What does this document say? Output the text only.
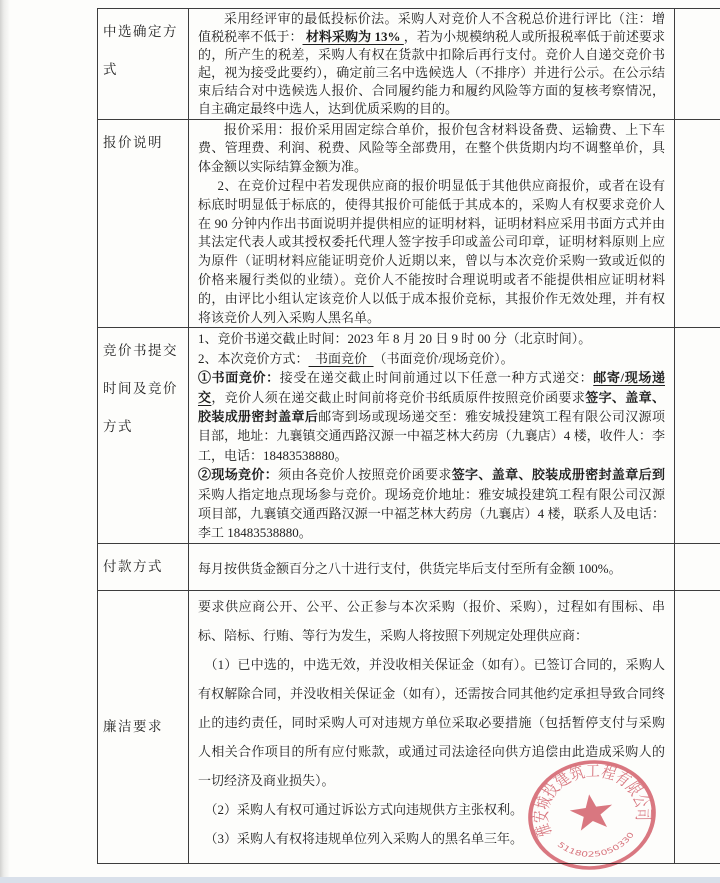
中选确定方式	采用经评审的最低投标价法。采购人对竞价人不含税总价进行评比（注：增值税税率不低于： 材料采购为 13% ，若为小规模纳税人或所报税率低于前述要求的，所产生的税差，采购人有权在货款中扣除后再行支付。竞价人自递交竞价书起，视为接受此要约），确定前三名中选候选人（不排序）并进行公示。在公示结束后结合对中选候选人报价、合同履约能力和履约风险等方面的复核考察情况，自主确定最终中选人，达到优质采购的目的。	

报价说明	报价采用：报价采用固定综合单价，报价包含材料设备费、运输费、上下车费、管理费、利润、税费、风险等全部费用，在整个供货期内均不调整单价，具体金额以实际结算金额为准。

2、在竞价过程中若发现供应商的报价明显低于其他供应商报价，或者在设有标底时明显低于标底的，使得其报价可能低于其成本的，采购人有权要求竞价人在 90 分钟内作出书面说明并提供相应的证明材料，证明材料应采用书面方式并由其法定代表人或其授权委托代理人签字按手印或盖公司印章，证明材料原则上应为原件（证明材料应能证明竞价人近期以来，曾以与本次竞价采购一致或近似的价格来履行类似的业绩）。竞价人不能按时合理说明或者不能提供相应证明材料的，由评比小组认定该竞价人以低于成本报价竞标，其报价作无效处理，并有权将该竞价人列入采购人黑名单。	

竞价书提交时间及竞价方式	1、竞价书递交截止时间：2023 年 8 月 20 日 9 时 00 分（北京时间）。

2、本次竞价方式：  书面竞价  （书面竞价/现场竞价）。

①书面竞价：接受在递交截止时间前通过以下任意一种方式递交：邮寄/现场递交，竞价人须在递交截止时间前将竞价书纸质原件按照竞价函要求签字、盖章、胶装成册密封盖章后邮寄到场或现场递交至：雅安城投建筑工程有限公司汉源项目部，地址：九襄镇交通西路汉源一中福芝林大药房（九襄店）4 楼，收件人：李工，电话：18483538880。

②现场竞价：须由各竞价人按照竞价函要求签字、盖章、胶装成册密封盖章后到采购人指定地点现场参与竞价。现场竞价地址：雅安城投建筑工程有限公司汉源项目部，九襄镇交通西路汉源一中福芝林大药房（九襄店）4 楼，联系人及电话：李工 18483538880。	

付款方式	每月按供货金额百分之八十进行支付，供货完毕后支付至所有金额 100%。	

廉洁要求	要求供应商公开、公平、公正参与本次采购（报价、采购），过程如有围标、串标、陪标、行贿、等行为发生，采购人将按照下列规定处理供应商：

（1）已中选的，中选无效，并没收相关保证金（如有）。已签订合同的，采购人有权解除合同，并没收相关保证金（如有），还需按合同其他约定承担导致合同终止的违约责任，同时采购人可对违规方单位采取必要措施（包括暂停支付与采购人相关合作项目的所有应付账款，或通过司法途径向供方追偿由此造成采购人的一切经济及商业损失）。

（2）采购人有权可通过诉讼方式向违规供方主张权利。

（3）采购人有权将违规单位列入采购人的黑名单三年。	

	雅安城投建筑工程有限公司
5118025050330
